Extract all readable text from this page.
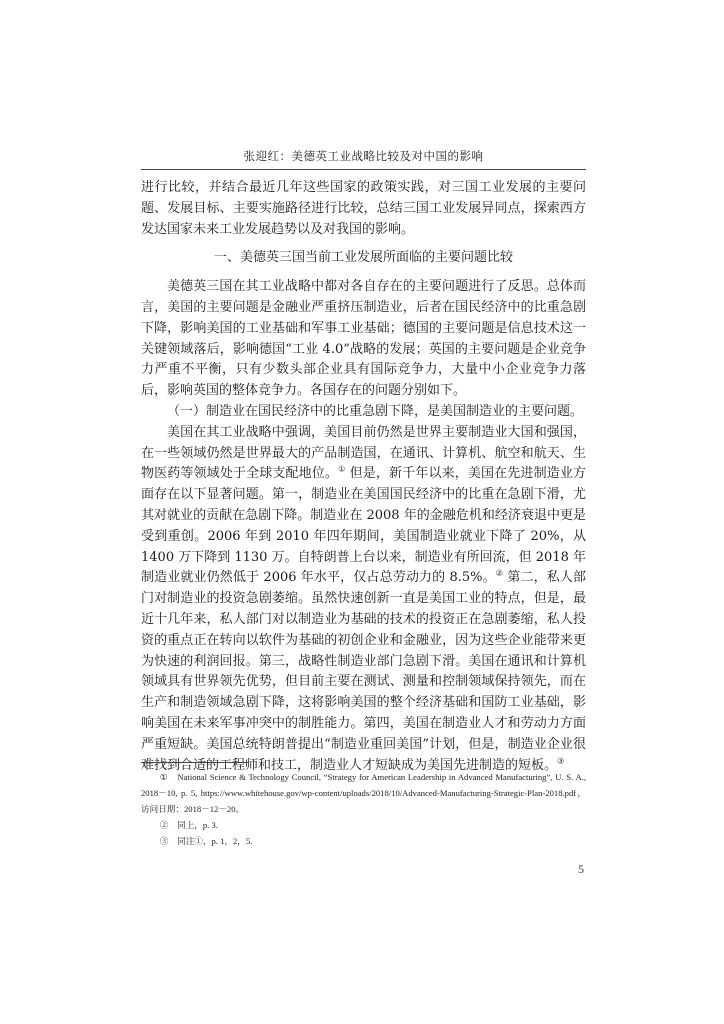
张迎红：美德英工业战略比较及对中国的影响

进行比较，并结合最近几年这些国家的政策实践，对三国工业发展的主要问题、发展目标、主要实施路径进行比较，总结三国工业发展异同点，探索西方发达国家未来工业发展趋势以及对我国的影响。

一、美德英三国当前工业发展所面临的主要问题比较

美德英三国在其工业战略中都对各自存在的主要问题进行了反思。总体而言，美国的主要问题是金融业严重挤压制造业，后者在国民经济中的比重急剧下降，影响美国的工业基础和军事工业基础；德国的主要问题是信息技术这一关键领域落后，影响德国“工业 4.0”战略的发展；英国的主要问题是企业竞争力严重不平衡，只有少数头部企业具有国际竞争力，大量中小企业竞争力落后，影响英国的整体竞争力。各国存在的问题分别如下。

（一）制造业在国民经济中的比重急剧下降，是美国制造业的主要问题。

美国在其工业战略中强调，美国目前仍然是世界主要制造业大国和强国，在一些领域仍然是世界最大的产品制造国，在通讯、计算机、航空和航天、生物医药等领域处于全球支配地位。① 但是，新千年以来，美国在先进制造业方面存在以下显著问题。第一，制造业在美国国民经济中的比重在急剧下滑，尤其对就业的贡献在急剧下降。制造业在 2008 年的金融危机和经济衰退中更是受到重创。2006 年到 2010 年四年期间，美国制造业就业下降了 20%，从 1400 万下降到 1130 万。自特朗普上台以来，制造业有所回流，但 2018 年制造业就业仍然低于 2006 年水平，仅占总劳动力的 8.5%。② 第二，私人部门对制造业的投资急剧萎缩。虽然快速创新一直是美国工业的特点，但是，最近十几年来，私人部门对以制造业为基础的技术的投资正在急剧萎缩，私人投资的重点正在转向以软件为基础的初创企业和金融业，因为这些企业能带来更为快速的利润回报。第三，战略性制造业部门急剧下滑。美国在通讯和计算机领域具有世界领先优势，但目前主要在测试、测量和控制领域保持领先，而在生产和制造领域急剧下降，这将影响美国的整个经济基础和国防工业基础，影响美国在未来军事冲突中的制胜能力。第四，美国在制造业人才和劳动力方面严重短缺。美国总统特朗普提出“制造业重回美国”计划，但是，制造业企业很难找到合适的工程师和技工，制造业人才短缺成为美国先进制造的短板。③

①　National Science & Technology Council, “Strategy for American Leadership in Advanced Manufacturing”, U. S. A., 2018－10, p. 5, https://www.whitehouse.gov/wp-content/uploads/2018/10/Advanced-Manufacturing-Strategic-Plan-2018.pdf，访问日期：2018－12－20。

②　同上，p. 3.

③　同注①，p. 1，2，5.

5
